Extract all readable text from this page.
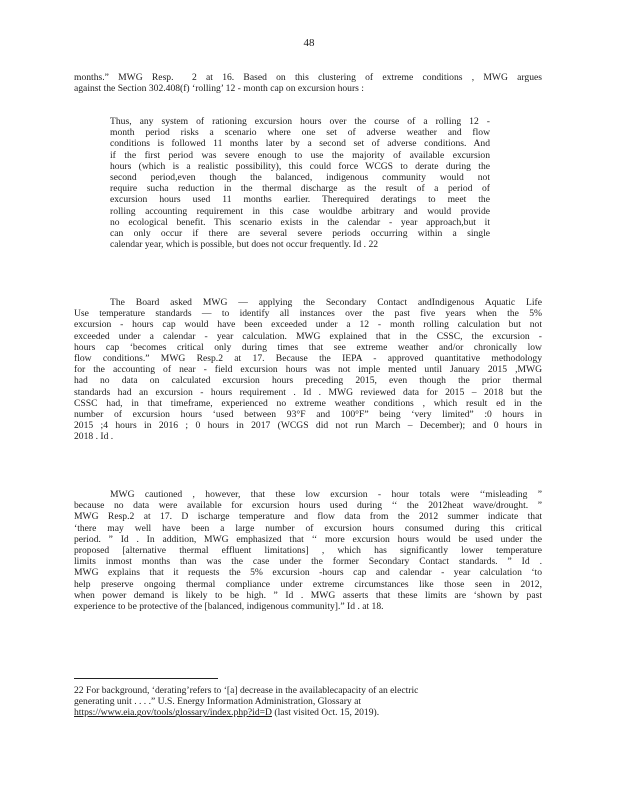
48
months.” MWG Resp.  2 at 16. Based on this clustering of extreme conditions , MWG argues
against the Section 302.408(f) ‘rolling’ 12 - month cap on excursion hours :
Thus, any system of rationing excursion hours over the course of a rolling 12 -
month period risks a scenario where one set of adverse weather and flow
conditions is followed 11 months later by a second set of adverse conditions. And
if the first period was severe enough to use the majority of available excursion
hours (which is a realistic possibility), this could force WCGS to derate during the
second period,even though the balanced, indigenous community would not
require sucha reduction in the thermal discharge as the result of a period of
excursion hours used 11 months earlier. Therequired deratings to meet the
rolling accounting requirement in this case wouldbe arbitrary and would provide
no ecological benefit. This scenario exists in the calendar - year approach,but it
can only occur if there are several severe periods occurring within a single
calendar year, which is possible, but does not occur frequently. Id . 22
The Board asked MWG — applying the Secondary Contact andIndigenous Aquatic Life
Use temperature standards — to identify all instances over the past five years when the 5%
excursion - hours cap would have been exceeded under a 12 - month rolling calculation but not
exceeded under a calendar - year calculation. MWG explained that in the CSSC, the excursion -
hours cap ‘becomes critical only during times that see extreme weather and/or chronically low
flow conditions.” MWG Resp.2 at 17. Because the IEPA - approved quantitative methodology
for the accounting of near - field excursion hours was not imple mented until January 2015 ,MWG
had no data on calculated excursion hours preceding 2015, even though the prior thermal
standards had an excursion - hours requirement . Id . MWG reviewed data for 2015 – 2018 but the
CSSC had, in that timeframe, experienced no extreme weather conditions , which result ed in the
number of excursion hours ‘used between 93°F and 100°F” being ‘very limited” :0 hours in
2015 ;4 hours in 2016 ; 0 hours in 2017 (WCGS did not run March – December); and 0 hours in
2018 . Id .
MWG cautioned , however, that these low excursion - hour totals were ‘‘misleading ”
because no data were available for excursion hours used during ‘‘ the 2012heat wave/drought. ”
MWG Resp.2 at 17. D ischarge temperature and flow data from the 2012 summer indicate that
‘there may well have been a large number of excursion hours consumed during this critical
period. ” Id . In addition, MWG emphasized that ‘‘ more excursion hours would be used under the
proposed [alternative thermal effluent limitations] , which has significantly lower temperature
limits inmost months than was the case under the former Secondary Contact standards. ” Id .
MWG explains that it requests the 5% excursion -hours cap and calendar - year calculation ‘to
help preserve ongoing thermal compliance under extreme circumstances like those seen in 2012,
when power demand is likely to be high. ” Id . MWG asserts that these limits are ‘shown by past
experience to be protective of the [balanced, indigenous community].” Id . at 18.
22 For background, ‘derating’refers to ‘[a] decrease in the availablecapacity of an electric
generating unit . . . .” U.S. Energy Information Administration, Glossary at
https://www.eia.gov/tools/glossary/index.php?id=D (last visited Oct. 15, 2019).
